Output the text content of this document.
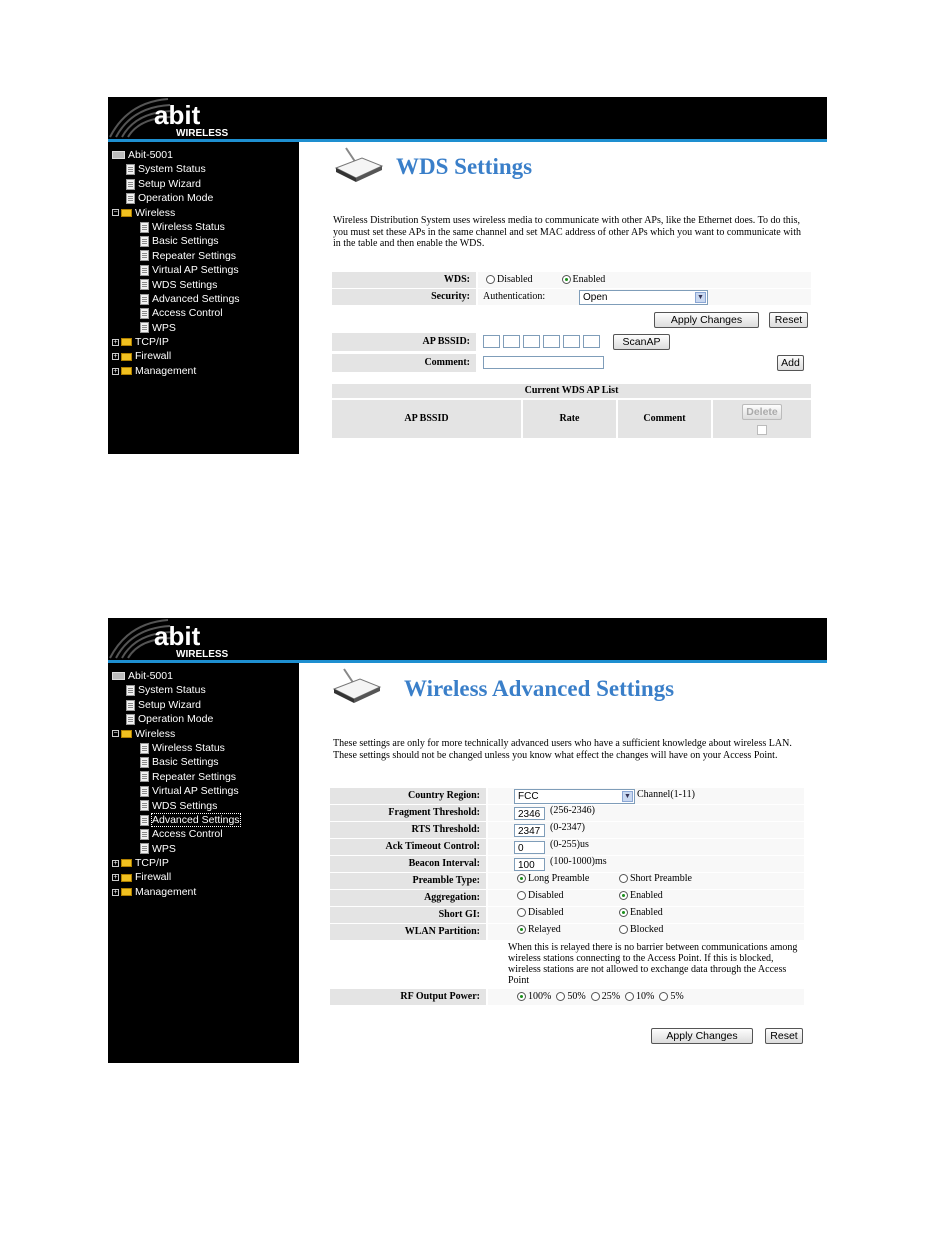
abit
WIRELESS
Abit-5001
System Status
Setup Wizard
Operation Mode
− Wireless
Wireless Status
Basic Settings
Repeater Settings
Virtual AP Settings
WDS Settings
Advanced Settings
Access Control
WPS
+ TCP/IP
+ Firewall
+ Management
WDS Settings
Wireless Distribution System uses wireless media to communicate with other APs, like the Ethernet does. To do this, you must set these APs in the same channel and set MAC address of other APs which you want to communicate with in the table and then enable the WDS.
WDS:	Disabled	Enabled
Security:	Authentication:	Open	▼
Apply Changes	Reset
AP BSSID:	ScanAP
Comment:	Add
Current WDS AP List
AP BSSID	Rate	Comment
Delete
abit
WIRELESS
Abit-5001
System Status
Setup Wizard
Operation Mode
− Wireless
Wireless Status
Basic Settings
Repeater Settings
Virtual AP Settings
WDS Settings
Advanced Settings
Access Control
WPS
+ TCP/IP
+ Firewall
+ Management
Wireless Advanced Settings
These settings are only for more technically advanced users who have a sufficient knowledge about wireless LAN. These settings should not be changed unless you know what effect the changes will have on your Access Point.
Country Region:	FCC	▼ Channel(1-11)
Fragment Threshold:	2346 (256-2346)
RTS Threshold:	2347 (0-2347)
Ack Timeout Control:	0	(0-255)us
Beacon Interval:	100	(100-1000)ms
Preamble Type:	Long Preamble	Short Preamble
Aggregation:	Disabled	Enabled
Short GI:	Disabled	Enabled
WLAN Partition:	Relayed	Blocked
When this is relayed there is no barrier between communications among wireless stations connecting to the Access Point. If this is blocked, wireless stations are not allowed to exchange data through the Access Point
RF Output Power:	100% 50% 25% 10% 5%
Apply Changes	Reset
